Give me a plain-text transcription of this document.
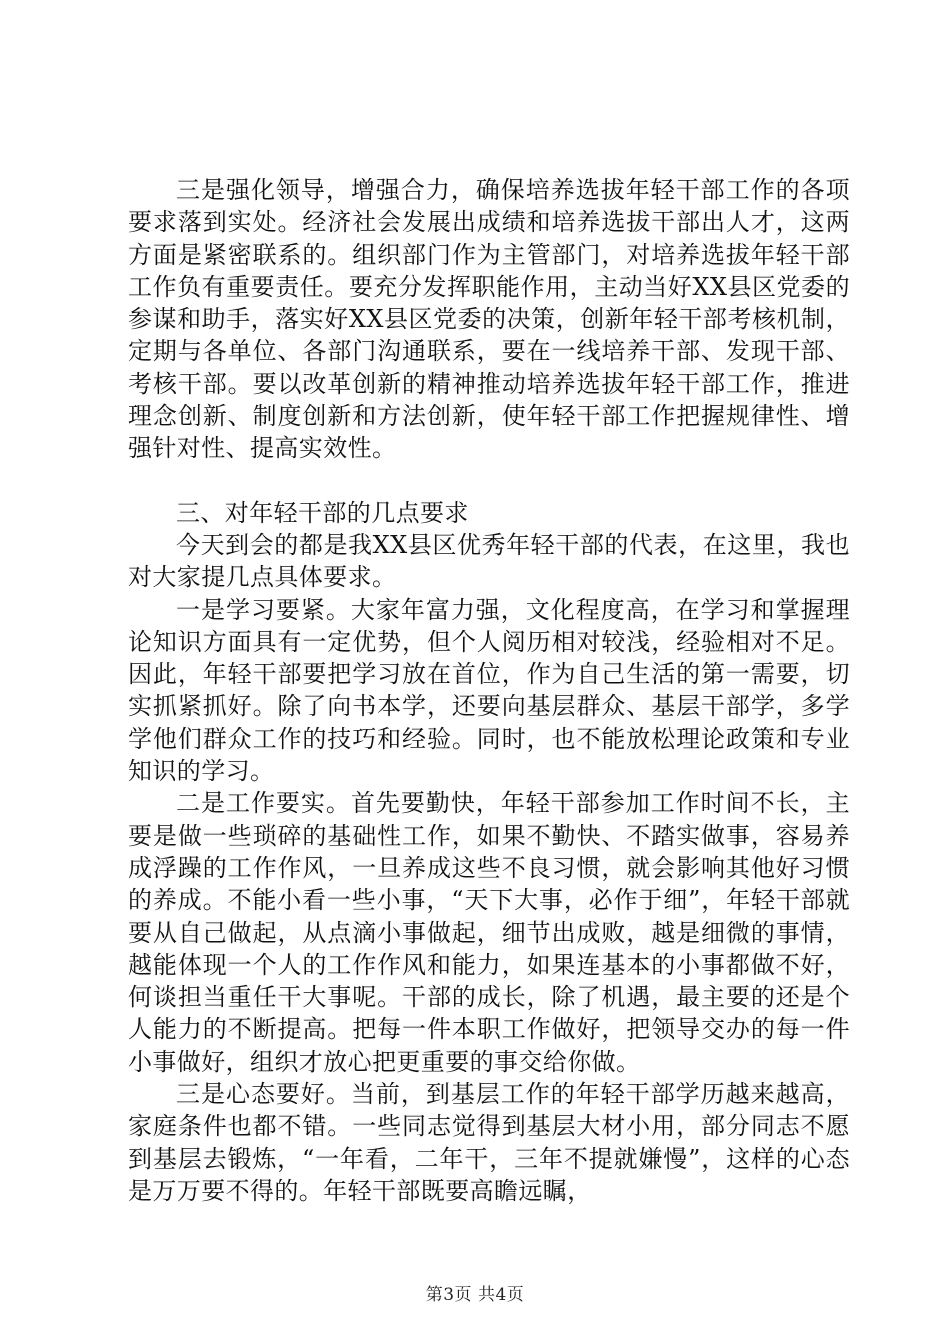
三是强化领导，增强合力，确保培养选拔年轻干部工作的各项要求落到实处。经济社会发展出成绩和培养选拔干部出人才，这两方面是紧密联系的。组织部门作为主管部门，对培养选拔年轻干部工作负有重要责任。要充分发挥职能作用，主动当好XX县区党委的参谋和助手，落实好XX县区党委的决策，创新年轻干部考核机制，定期与各单位、各部门沟通联系，要在一线培养干部、发现干部、考核干部。要以改革创新的精神推动培养选拔年轻干部工作，推进理念创新、制度创新和方法创新，使年轻干部工作把握规律性、增强针对性、提高实效性。

三、对年轻干部的几点要求

今天到会的都是我XX县区优秀年轻干部的代表，在这里，我也对大家提几点具体要求。

一是学习要紧。大家年富力强，文化程度高，在学习和掌握理论知识方面具有一定优势，但个人阅历相对较浅，经验相对不足。因此，年轻干部要把学习放在首位，作为自己生活的第一需要，切实抓紧抓好。除了向书本学，还要向基层群众、基层干部学，多学学他们群众工作的技巧和经验。同时，也不能放松理论政策和专业知识的学习。

二是工作要实。首先要勤快，年轻干部参加工作时间不长，主要是做一些琐碎的基础性工作，如果不勤快、不踏实做事，容易养成浮躁的工作作风，一旦养成这些不良习惯，就会影响其他好习惯的养成。不能小看一些小事，“天下大事，必作于细”，年轻干部就要从自己做起，从点滴小事做起，细节出成败，越是细微的事情，越能体现一个人的工作作风和能力，如果连基本的小事都做不好，何谈担当重任干大事呢。干部的成长，除了机遇，最主要的还是个人能力的不断提高。把每一件本职工作做好，把领导交办的每一件小事做好，组织才放心把更重要的事交给你做。

三是心态要好。当前，到基层工作的年轻干部学历越来越高，家庭条件也都不错。一些同志觉得到基层大材小用，部分同志不愿到基层去锻炼，“一年看，二年干，三年不提就嫌慢”，这样的心态是万万要不得的。年轻干部既要高瞻远瞩，

第3页 共4页
